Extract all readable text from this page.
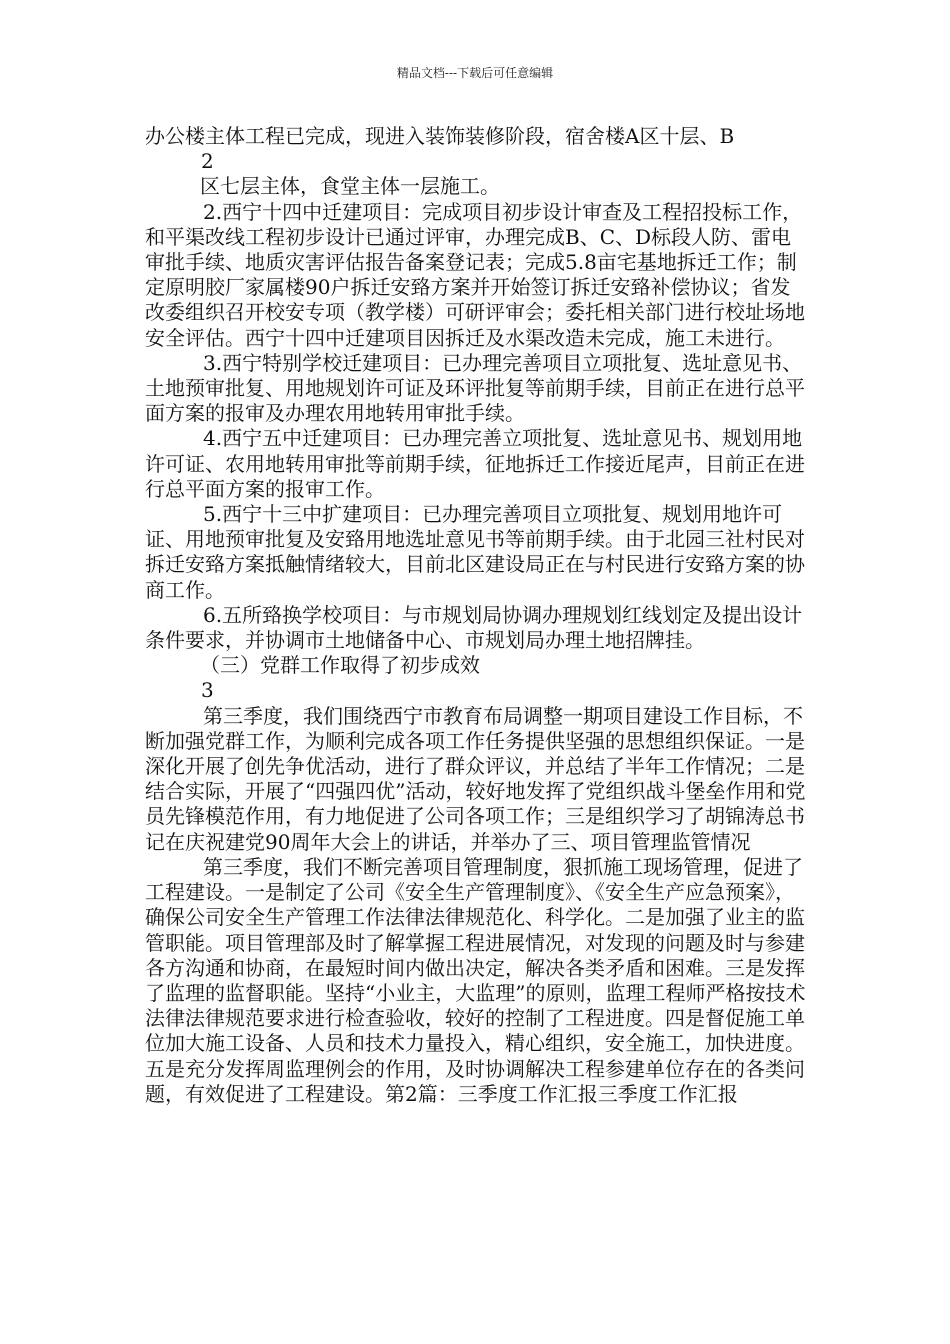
精品文档---下载后可任意编辑

办公楼主体工程已完成，现进入装饰装修阶段，宿舍楼A区十层、B

2

区七层主体，食堂主体一层施工。

2.西宁十四中迁建项目：完成项目初步设计审查及工程招投标工作，和平渠改线工程初步设计已通过评审，办理完成B、C、D标段人防、雷电审批手续、地质灾害评估报告备案登记表；完成5.8亩宅基地拆迁工作；制定原明胶厂家属楼90户拆迁安臵方案并开始签订拆迁安臵补偿协议；省发改委组织召开校安专项（教学楼）可研评审会；委托相关部门进行校址场地安全评估。西宁十四中迁建项目因拆迁及水渠改造未完成，施工未进行。

3.西宁特别学校迁建项目：已办理完善项目立项批复、选址意见书、土地预审批复、用地规划许可证及环评批复等前期手续，目前正在进行总平面方案的报审及办理农用地转用审批手续。

4.西宁五中迁建项目：已办理完善立项批复、选址意见书、规划用地许可证、农用地转用审批等前期手续，征地拆迁工作接近尾声，目前正在进行总平面方案的报审工作。

5.西宁十三中扩建项目：已办理完善项目立项批复、规划用地许可证、用地预审批复及安臵用地选址意见书等前期手续。由于北园三社村民对拆迁安臵方案抵触情绪较大，目前北区建设局正在与村民进行安臵方案的协商工作。

6.五所臵换学校项目：与市规划局协调办理规划红线划定及提出设计条件要求，并协调市土地储备中心、市规划局办理土地招牌挂。

（三）党群工作取得了初步成效

3

第三季度，我们围绕西宁市教育布局调整一期项目建设工作目标，不断加强党群工作，为顺利完成各项工作任务提供坚强的思想组织保证。一是深化开展了创先争优活动，进行了群众评议，并总结了半年工作情况；二是结合实际，开展了“四强四优”活动，较好地发挥了党组织战斗堡垒作用和党员先锋模范作用，有力地促进了公司各项工作；三是组织学习了胡锦涛总书记在庆祝建党90周年大会上的讲话，并举办了三、项目管理监管情况

第三季度，我们不断完善项目管理制度，狠抓施工现场管理，促进了工程建设。一是制定了公司《安全生产管理制度》、《安全生产应急预案》，确保公司安全生产管理工作法律法律规范化、科学化。二是加强了业主的监管职能。项目管理部及时了解掌握工程进展情况，对发现的问题及时与参建各方沟通和协商，在最短时间内做出决定，解决各类矛盾和困难。三是发挥了监理的监督职能。坚持“小业主，大监理”的原则，监理工程师严格按技术法律法律规范要求进行检查验收，较好的控制了工程进度。四是督促施工单位加大施工设备、人员和技术力量投入，精心组织，安全施工，加快进度。五是充分发挥周监理例会的作用，及时协调解决工程参建单位存在的各类问题，有效促进了工程建设。第2篇：三季度工作汇报三季度工作汇报
